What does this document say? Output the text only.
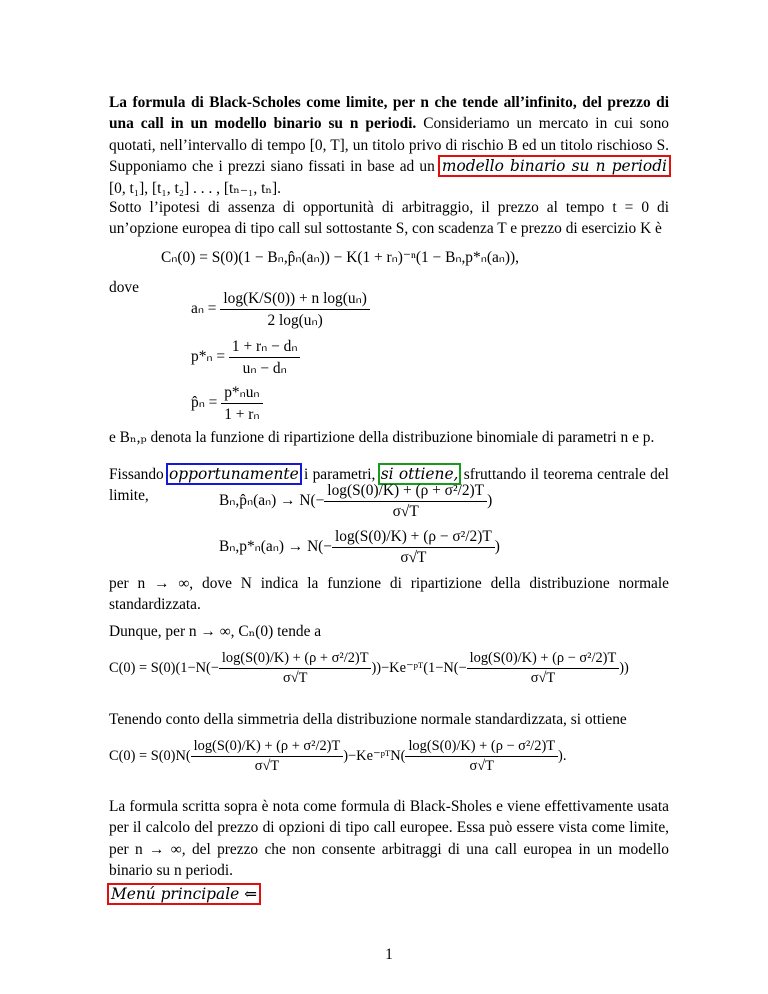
La formula di Black-Scholes come limite, per n che tende all’infinito, del prezzo di una call in un modello binario su n periodi. Consideriamo un mercato in cui sono quotati, nell’intervallo di tempo [0, T], un titolo privo di rischio B ed un titolo rischioso S. Supponiamo che i prezzi siano fissati in base ad un modello binario su n periodi [0, t₁], [t₁, t₂] . . . , [tₙ₋₁, tₙ].
Sotto l’ipotesi di assenza di opportunità di arbitraggio, il prezzo al tempo t = 0 di un’opzione europea di tipo call sul sottostante S, con scadenza T e prezzo di esercizio K è
Cₙ(0) = S(0)(1 − Bₙ,p̂ₙ(aₙ)) − K(1 + rₙ)⁻ⁿ(1 − Bₙ,p*ₙ(aₙ)),
dove
$a_n = \frac{\text{log(K/S(0)) + n log(uₙ)}}{\text{2 log(uₙ)}}$
$p*_n = \frac{\text{1 + rₙ − dₙ}}{\text{uₙ − dₙ}}$
p̂ₙ = $\frac{\text{p*ₙuₙ}}{\text{1 + rₙ}}$
e Bₙ,ₚ denota la funzione di ripartizione della distribuzione binomiale di parametri n e p.
Fissando opportunamente i parametri, si ottiene, sfruttando il teorema centrale del limite,	Bₙ,p̂ₙ(aₙ) → $N(- \frac{\text{log(S(0)/K) + (ρ + σ²/2)T}}{\sigma√T}$ )
$B_n,p*_n(a_n) \to N(- \frac{\text{log(S(0)/K) + (ρ − σ²/2)T}}{\sigma√T}$ )
per n → ∞, dove N indica la funzione di ripartizione della distribuzione normale standardizzata.
Dunque, per n → ∞, Cₙ(0) tende a
$C(0) = S(0)(1-N(- \frac{\text{log(S(0)/K) + (ρ + σ²/2)T}}{\sigma√T}$ ))−Ke⁻ᵖᵀ(1−N(− $\frac{\text{log(S(0)/K) + (ρ − σ²/2)T}}{\sigma√T}$ ))
Tenendo conto della simmetria della distribuzione normale standardizzata, si ottiene
$C(0) = S(0)N( \frac{\text{log(S(0)/K) + (ρ + σ²/2)T}}{\sigma√T}$ )−Ke⁻ᵖᵀN( $\frac{\text{log(S(0)/K) + (ρ − σ²/2)T}}{\sigma√T}$ ).
La formula scritta sopra è nota come formula di Black-Sholes e viene effettivamente usata per il calcolo del prezzo di opzioni di tipo call europee. Essa può essere vista come limite, per n → ∞, del prezzo che non consente arbitraggi di una call europea in un modello binario su n periodi.
Menú principale ⇐
1
